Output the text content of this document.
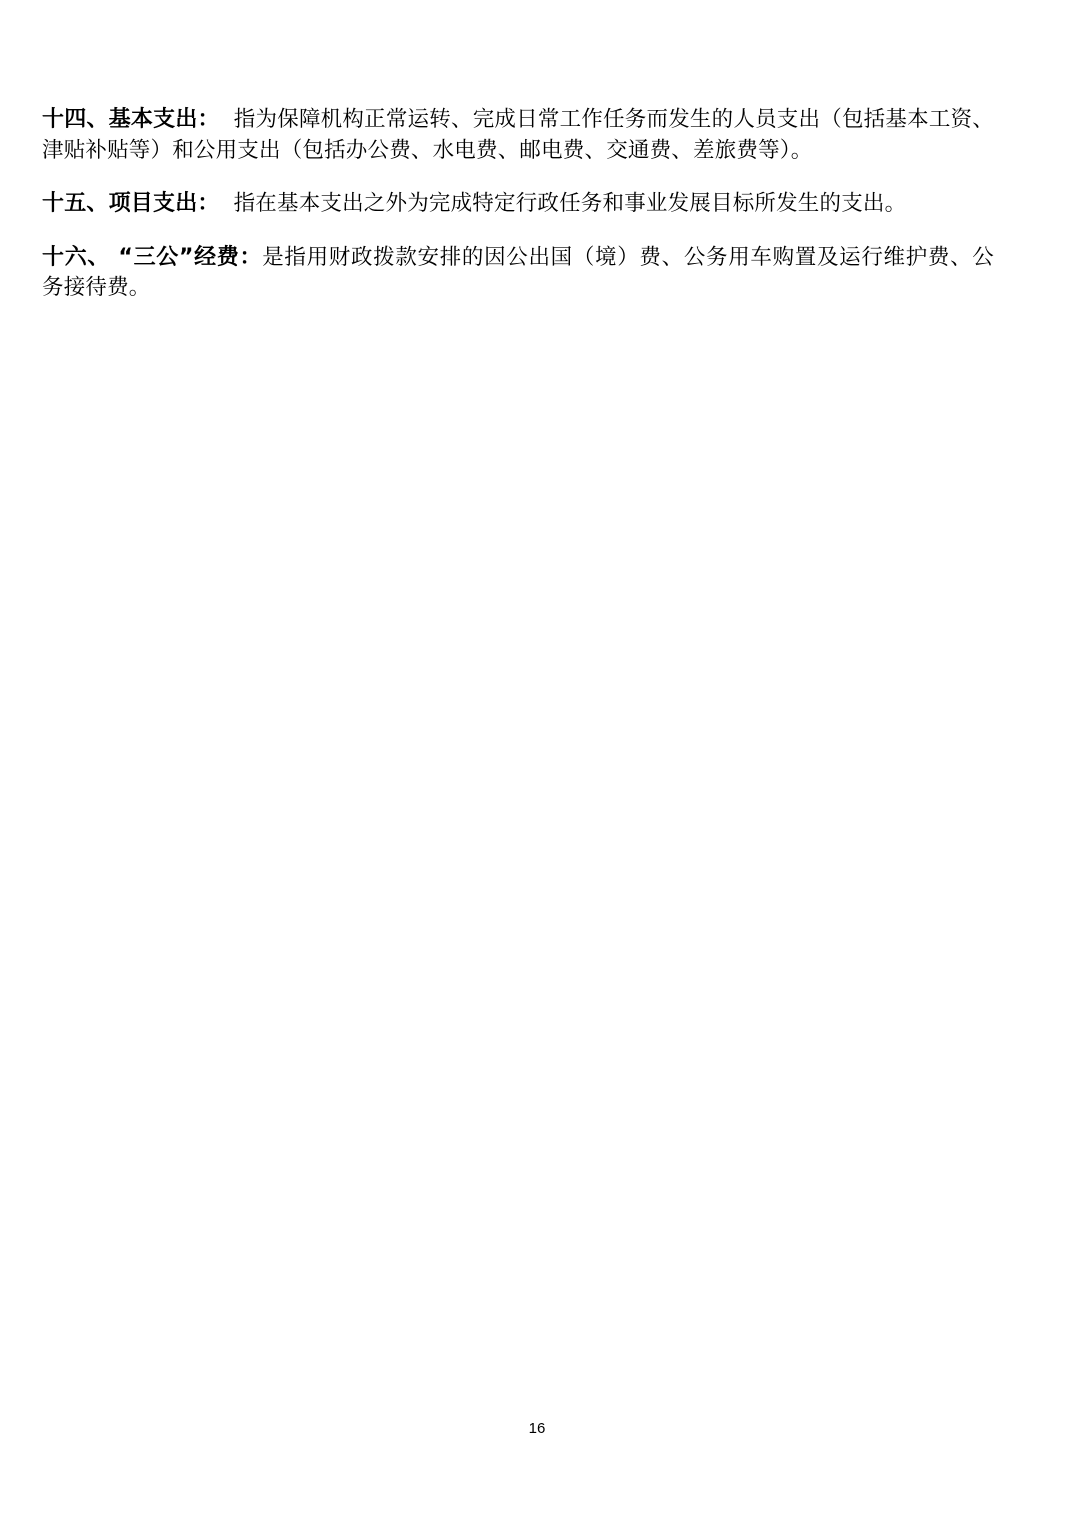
十四、基本支出： 指为保障机构正常运转、完成日常工作任务而发生的人员支出（包括基本工资、津贴补贴等）和公用支出（包括办公费、水电费、邮电费、交通费、差旅费等）。

十五、项目支出： 指在基本支出之外为完成特定行政任务和事业发展目标所发生的支出。

十六、 “三公”经费：是指用财政拨款安排的因公出国（境）费、公务用车购置及运行维护费、公务接待费。

16
